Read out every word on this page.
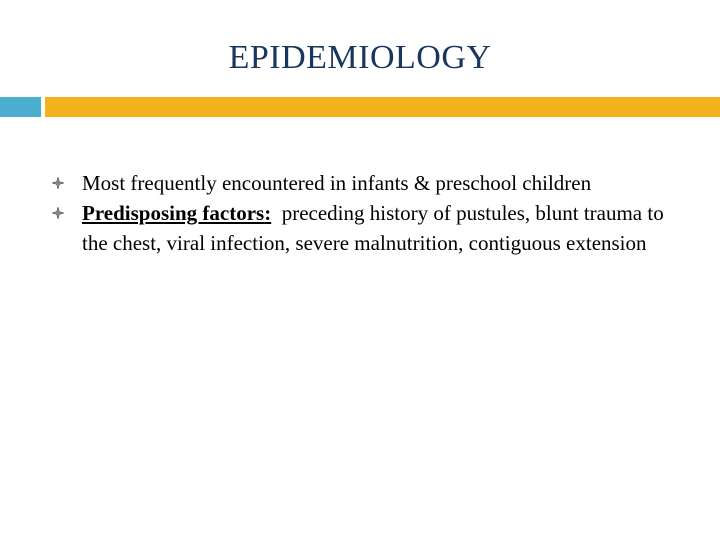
EPIDEMIOLOGY
Most frequently encountered in infants & preschool children
Predisposing factors:  preceding history of pustules, blunt trauma to the chest, viral infection, severe malnutrition, contiguous extension
